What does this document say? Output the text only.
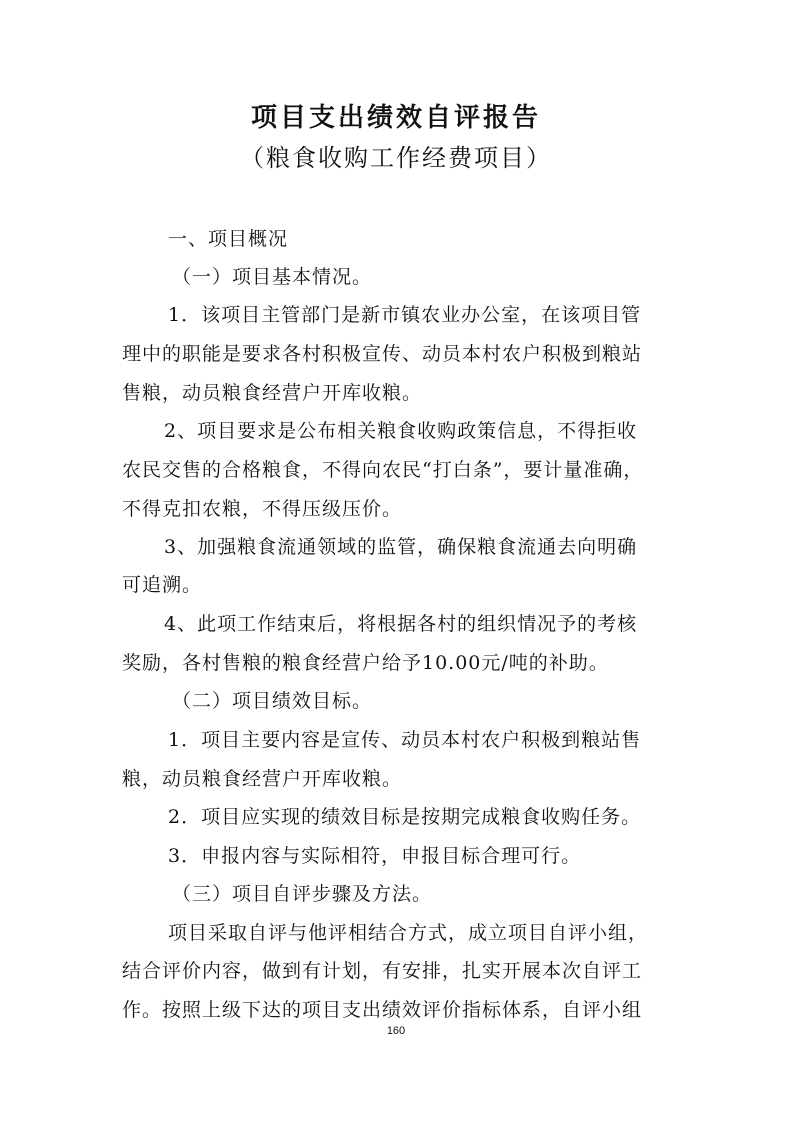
项目支出绩效自评报告
（粮食收购工作经费项目）
一、项目概况
（一）项目基本情况。
1．该项目主管部门是新市镇农业办公室，在该项目管
理中的职能是要求各村积极宣传、动员本村农户积极到粮站
售粮，动员粮食经营户开库收粮。
2、项目要求是公布相关粮食收购政策信息，不得拒收
农民交售的合格粮食，不得向农民“打白条”，要计量准确，
不得克扣农粮，不得压级压价。
3、加强粮食流通领域的监管，确保粮食流通去向明确
可追溯。
4、此项工作结束后，将根据各村的组织情况予的考核
奖励，各村售粮的粮食经营户给予10.00元/吨的补助。
（二）项目绩效目标。
1．项目主要内容是宣传、动员本村农户积极到粮站售
粮，动员粮食经营户开库收粮。
2．项目应实现的绩效目标是按期完成粮食收购任务。
3．申报内容与实际相符，申报目标合理可行。
（三）项目自评步骤及方法。
项目采取自评与他评相结合方式，成立项目自评小组，
结合评价内容，做到有计划，有安排，扎实开展本次自评工
作。按照上级下达的项目支出绩效评价指标体系，自评小组
160
